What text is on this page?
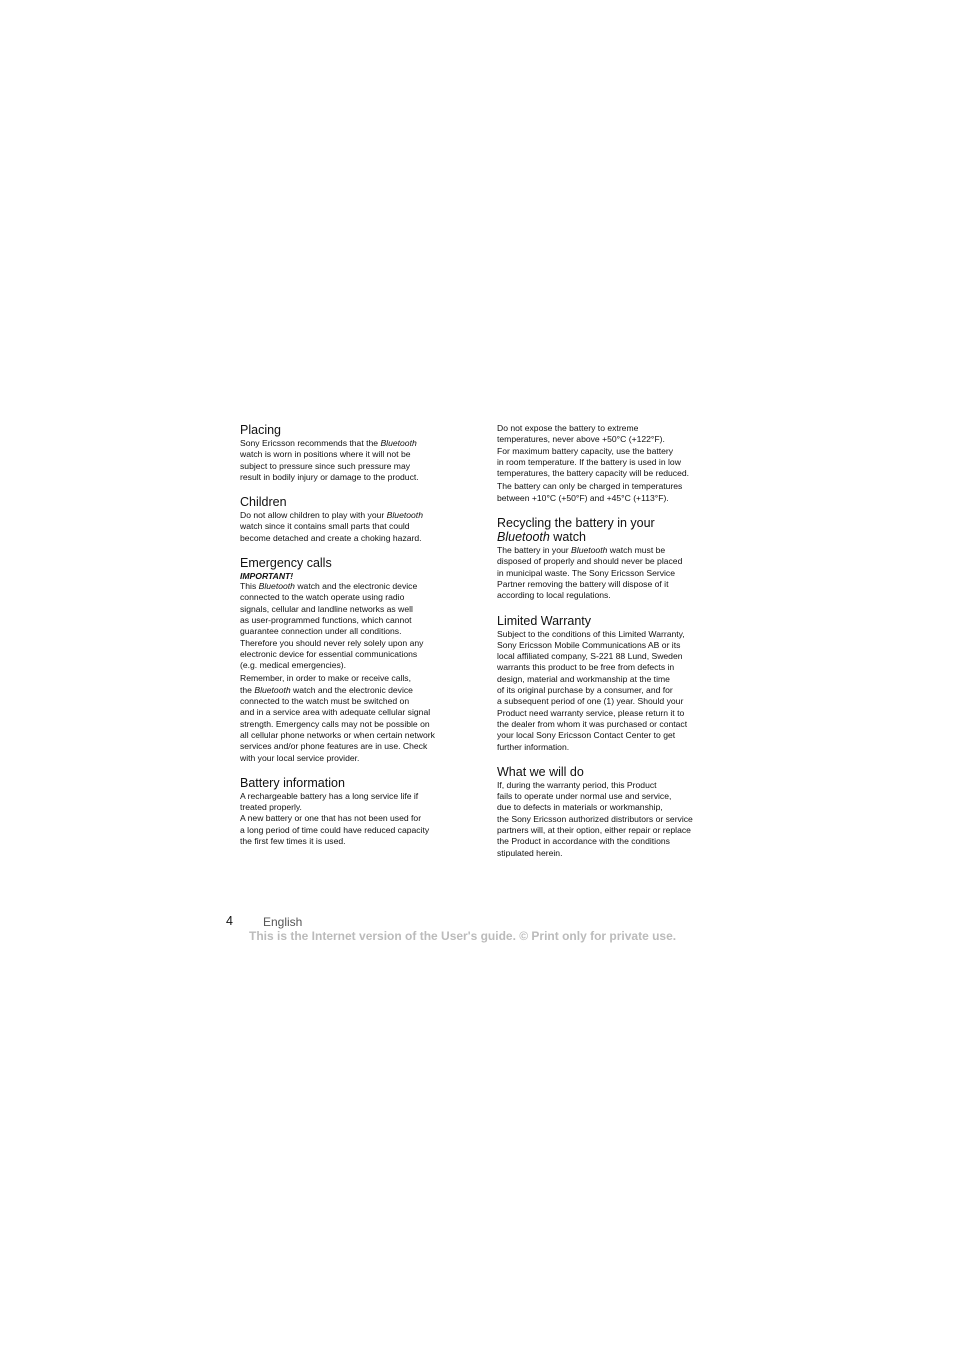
Placing
Sony Ericsson recommends that the Bluetooth
watch is worn in positions where it will not be
subject to pressure since such pressure may
result in bodily injury or damage to the product.
Children
Do not allow children to play with your Bluetooth
watch since it contains small parts that could
become detached and create a choking hazard.
Emergency calls
IMPORTANT!
This Bluetooth watch and the electronic device
connected to the watch operate using radio
signals, cellular and landline networks as well
as user-programmed functions, which cannot
guarantee connection under all conditions.
Therefore you should never rely solely upon any
electronic device for essential communications
(e.g. medical emergencies).
Remember, in order to make or receive calls,
the Bluetooth watch and the electronic device
connected to the watch must be switched on
and in a service area with adequate cellular signal
strength. Emergency calls may not be possible on
all cellular phone networks or when certain network
services and/or phone features are in use. Check
with your local service provider.
Battery information
A rechargeable battery has a long service life if
treated properly.
A new battery or one that has not been used for
a long period of time could have reduced capacity
the first few times it is used.
Do not expose the battery to extreme
temperatures, never above +50°C (+122°F).
For maximum battery capacity, use the battery
in room temperature. If the battery is used in low
temperatures, the battery capacity will be reduced.
The battery can only be charged in temperatures
between +10°C (+50°F) and +45°C (+113°F).
Recycling the battery in your
Bluetooth watch
The battery in your Bluetooth watch must be
disposed of properly and should never be placed
in municipal waste. The Sony Ericsson Service
Partner removing the battery will dispose of it
according to local regulations.
Limited Warranty
Subject to the conditions of this Limited Warranty,
Sony Ericsson Mobile Communications AB or its
local affiliated company, S-221 88 Lund, Sweden
warrants this product to be free from defects in
design, material and workmanship at the time
of its original purchase by a consumer, and for
a subsequent period of one (1) year. Should your
Product need warranty service, please return it to
the dealer from whom it was purchased or contact
your local Sony Ericsson Contact Center to get
further information.
What we will do
If, during the warranty period, this Product
fails to operate under normal use and service,
due to defects in materials or workmanship,
the Sony Ericsson authorized distributors or service
partners will, at their option, either repair or replace
the Product in accordance with the conditions
stipulated herein.
4	English
This is the Internet version of the User's guide. © Print only for private use.
